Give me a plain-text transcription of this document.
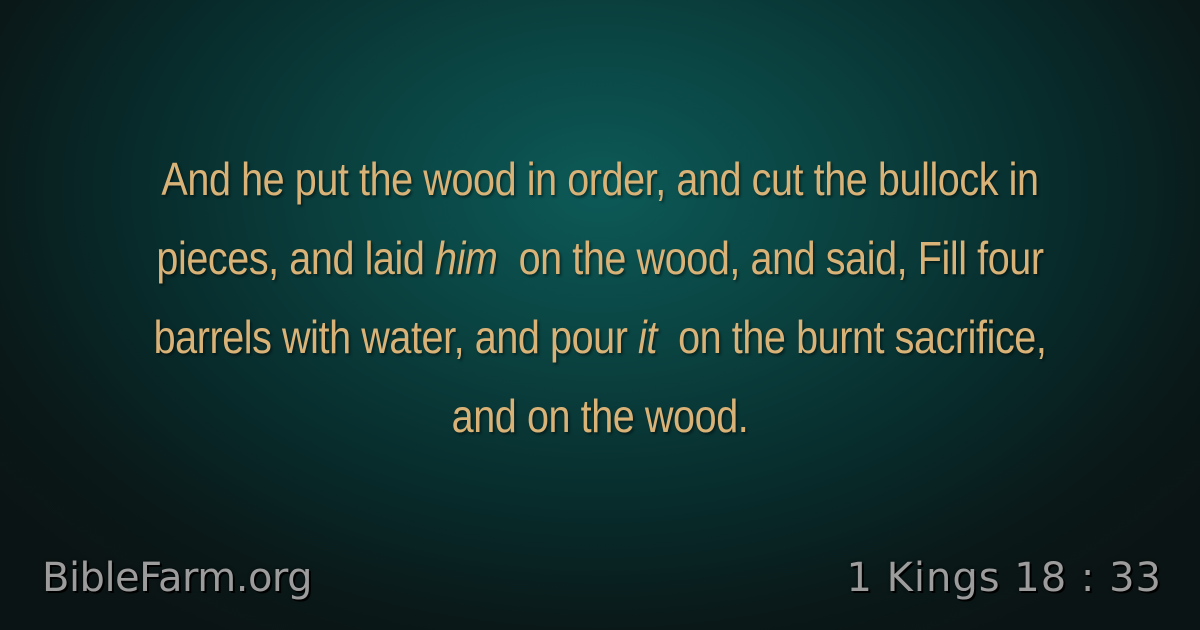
And he put the wood in order, and cut the bullock in pieces, and laid him  on the wood, and said, Fill four barrels with water, and pour it  on the burnt sacrifice, and on the wood.

BibleFarm.org	1 Kings 18 : 33
